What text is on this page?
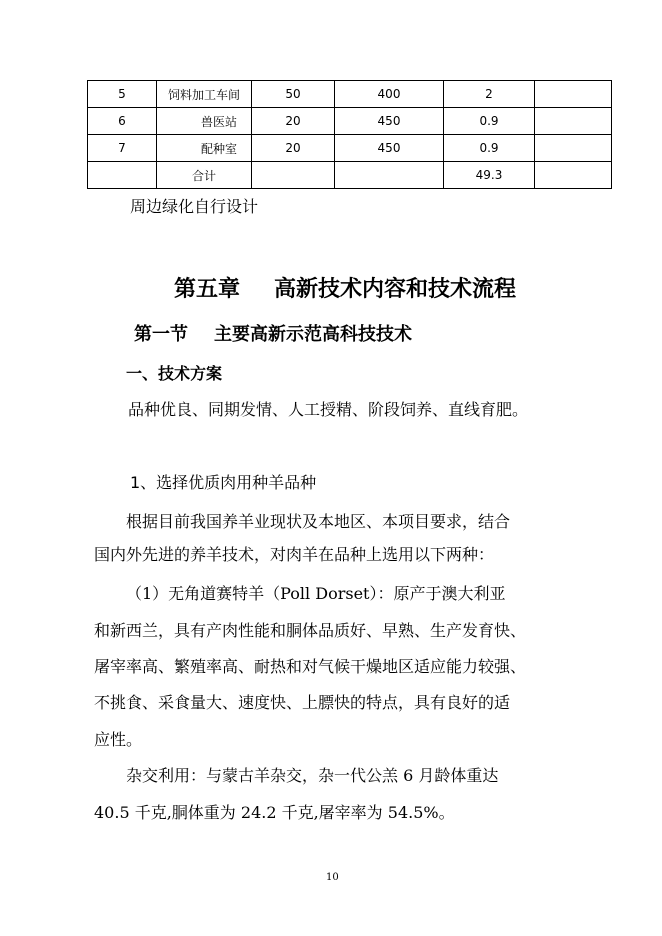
5	饲料加工车间	50	400	2	
6	兽医站	20	450	0.9	
7	配种室	20	450	0.9	
	合计			49.3	
周边绿化自行设计
第五章 高新技术内容和技术流程
第一节 主要高新示范高科技技术
一、技术方案
品种优良、同期发情、人工授精、阶段饲养、直线育肥。
1、选择优质肉用种羊品种
根据目前我国养羊业现状及本地区、本项目要求，结合
国内外先进的养羊技术，对肉羊在品种上选用以下两种：
（1）无角道赛特羊（Poll Dorset）：原产于澳大利亚
和新西兰，具有产肉性能和胴体品质好、早熟、生产发育快、
屠宰率高、繁殖率高、耐热和对气候干燥地区适应能力较强、
不挑食、采食量大、速度快、上膘快的特点，具有良好的适
应性。
杂交利用：与蒙古羊杂交，杂一代公羔 6 月龄体重达
40.5 千克,胴体重为 24.2 千克,屠宰率为 54.5%。
10
